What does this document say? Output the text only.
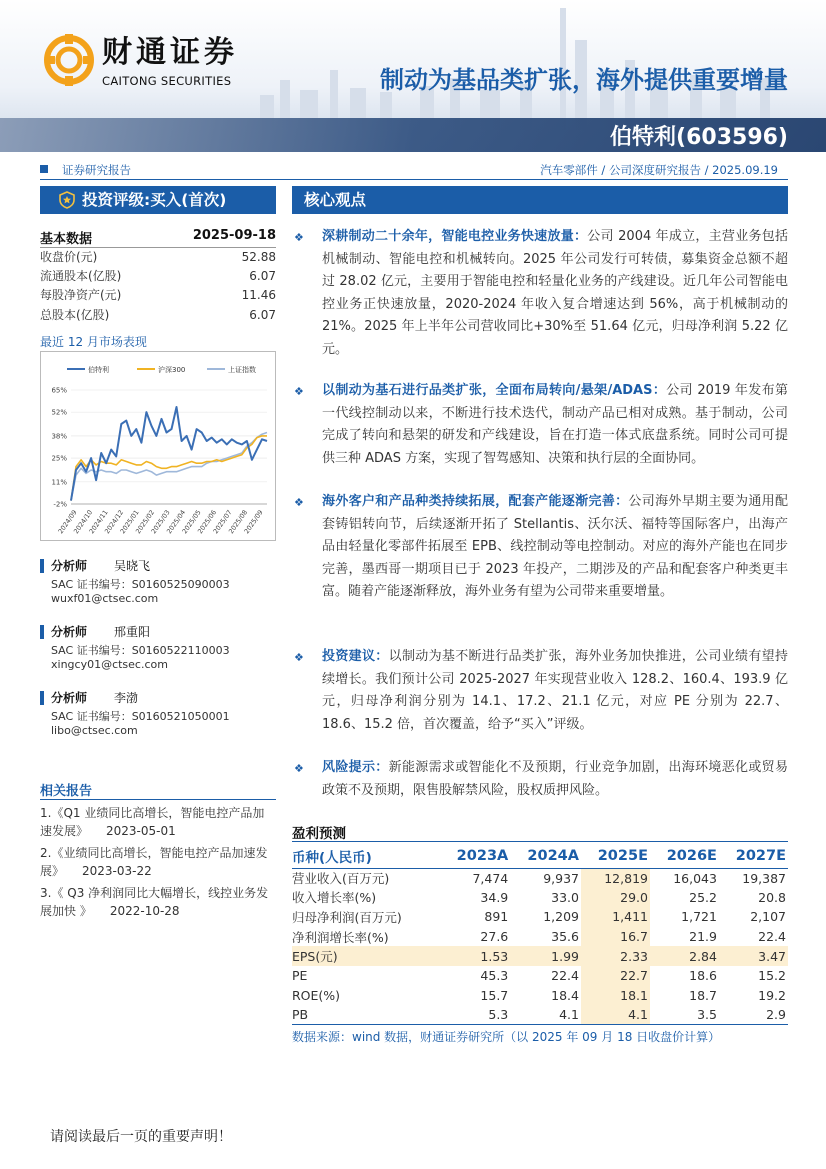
财通证券
CAITONG SECURITIES	制动为基品类扩张，海外提供重要增量
伯特利(603596)
证券研究报告	汽车零部件 / 公司深度研究报告 / 2025.09.19
投资评级:买入(首次)
基本数据	2025-09-18
收盘价(元)	52.88
流通股本(亿股)	6.07
每股净资产(元)	11.46
总股本(亿股)	6.07
最近 12 月市场表现
伯特利	沪深300	上证指数
65%
52%
38%
25%
11%
-2%
2024/09
2024/10
2024/11
2024/12
2025/01
2025/02
2025/03
2025/04
2025/05
2025/06
2025/07
2025/08
2025/09
分析师 吴晓飞
SAC 证书编号：S0160525090003
wuxf01@ctsec.com
分析师 邢重阳
SAC 证书编号：S0160522110003
xingcy01@ctsec.com
分析师 李渤
SAC 证书编号：S0160521050001
libo@ctsec.com
相关报告
1.《Q1 业绩同比高增长，智能电控产品加速发展》 2023-05-01
2.《业绩同比高增长，智能电控产品加速发展》 2023-03-22
3.《 Q3 净利润同比大幅增长，线控业务发展加快 》 2022-10-28
请阅读最后一页的重要声明！
核心观点
❖	深耕制动二十余年，智能电控业务快速放量：公司 2004 年成立，主营业务包括机械制动、智能电控和机械转向。2025 年公司发行可转债，募集资金总额不超过 28.02 亿元，主要用于智能电控和轻量化业务的产线建设。近几年公司智能电控业务正快速放量，2020-2024 年收入复合增速达到 56%，高于机械制动的 21%。2025 年上半年公司营收同比+30%至 51.64 亿元，归母净利润 5.22 亿元。
❖	以制动为基石进行品类扩张，全面布局转向/悬架/ADAS：公司 2019 年发布第一代线控制动以来，不断进行技术迭代，制动产品已相对成熟。基于制动，公司完成了转向和悬架的研发和产线建设，旨在打造一体式底盘系统。同时公司可提供三种 ADAS 方案，实现了智驾感知、决策和执行层的全面协同。
❖	海外客户和产品种类持续拓展，配套产能逐渐完善：公司海外早期主要为通用配套铸铝转向节，后续逐渐开拓了 Stellantis、沃尔沃、福特等国际客户，出海产品由轻量化零部件拓展至 EPB、线控制动等电控制动。对应的海外产能也在同步完善，墨西哥一期项目已于 2023 年投产，二期涉及的产品和配套客户种类更丰富。随着产能逐渐释放，海外业务有望为公司带来重要增量。
❖	投资建议：以制动为基不断进行品类扩张，海外业务加快推进，公司业绩有望持续增长。我们预计公司 2025-2027 年实现营业收入 128.2、160.4、193.9 亿元，归母净利润分别为 14.1、17.2、21.1 亿元，对应 PE 分别为 22.7、18.6、15.2 倍，首次覆盖，给予“买入”评级。
❖	风险提示：新能源需求或智能化不及预期，行业竞争加剧，出海环境恶化或贸易政策不及预期，限售股解禁风险，股权质押风险。
盈利预测
币种(人民币)	2023A	2024A	2025E	2026E	2027E
营业收入(百万元)	7,474	9,937	12,819	16,043	19,387
收入增长率(%)	34.9	33.0	29.0	25.2	20.8
归母净利润(百万元)	891	1,209	1,411	1,721	2,107
净利润增长率(%)	27.6	35.6	16.7	21.9	22.4
EPS(元)	1.53	1.99	2.33	2.84	3.47
PE	45.3	22.4	22.7	18.6	15.2
ROE(%)	15.7	18.4	18.1	18.7	19.2
PB	5.3	4.1	4.1	3.5	2.9
数据来源：wind 数据，财通证券研究所（以 2025 年 09 月 18 日收盘价计算）
